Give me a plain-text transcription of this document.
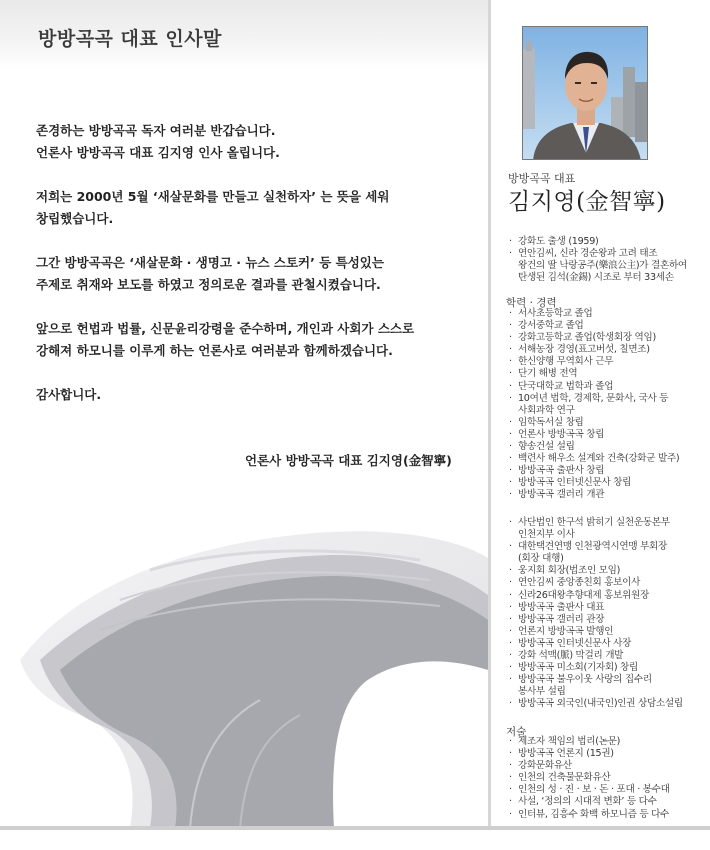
방방곡곡 대표 인사말

존경하는 방방곡곡 독자 여러분 반갑습니다.
언론사 방방곡곡 대표 김지영 인사 올립니다.

저희는 2000년 5월 ‘새살문화를 만들고 실천하자’ 는 뜻을 세워
창립했습니다.

그간 방방곡곡은 ‘새살문화 · 생명고 · 뉴스 스토커’ 등 특성있는
주제로 취재와 보도를 하였고 정의로운 결과를 관철시켰습니다.

앞으로 헌법과 법률, 신문윤리강령을 준수하며, 개인과 사회가 스스로
강해져 하모니를 이루게 하는 언론사로 여러분과 함께하겠습니다.

감사합니다.

언론사 방방곡곡 대표 김지영(金智寧)
방방곡곡 대표
김지영(金智寧)
· 강화도 출생 (1959)
· 연안김씨, 신라 경순왕과 고려 태조
왕건의 딸 낙랑공주(樂浪公主)가 결혼하여
탄생된 김석(金錫) 시조로 부터 33세손
학력 · 경력
· 서사초등학교 졸업
· 강서중학교 졸업
· 강화고등학교 졸업(학생회장 역임)
· 서해농장 경영(표고버섯, 칠면조)
· 한신양행 무역회사 근무
· 단기 해병 전역
· 단국대학교 법학과 졸업
· 10여년 법학, 경제학, 문화사, 국사 등
사회과학 연구
· 임학독서실 창립
· 언론사 방방곡곡 창립
· 향송건설 설립
· 백련사 해우소 설계와 건축(강화군 발주)
· 방방곡곡 출판사 창립
· 방방곡곡 인터넷신문사 창립
· 방방곡곡 갤러리 개관
· 사단법인 한구석 밝히기 실천운동본부
인천지부 이사
· 대한택견연맹 인천광역시연맹 부회장
(회장 대행)
· 웅지회 회장(법조인 모임)
· 연안김씨 중앙종친회 홍보이사
· 신라26대왕추향대제 홍보위원장
· 방방곡곡 출판사 대표
· 방방곡곡 갤러리 관장
· 언론지 방방곡곡 발행인
· 방방곡곡 인터넷신문사 사장
· 강화 석맥(脈) 막걸리 개발
· 방방곡곡 미소회(기자회) 창립
· 방방곡곡 불우이웃 사랑의 집수리
봉사부 설립
· 방방곡곡 외국인(내국인)인권 상담소설립
저술
· 제조자 책임의 법리(논문)
· 방방곡곡 언론지 (15권)
· 강화문화유산
· 인천의 건축물문화유산
· 인천의 성 · 진 · 보 · 돈 · 포대 · 봉수대
· 사설, ‘정의의 시대적 변화’ 등 다수
· 인터뷰, 김흥수 화백 하모니즘 등 다수
